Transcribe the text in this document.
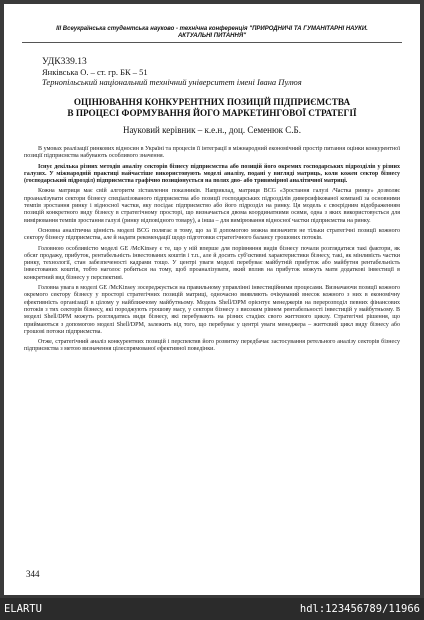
III Всеукраїнська студентська науково - технічна конференція "ПРИРОДНИЧІ ТА ГУМАНІТАРНІ НАУКИ.
АКТУАЛЬНІ ПИТАННЯ"
УДК339.13
Янківська О. – ст. гр. БК – 51
Тернопільський національний технічний університет імені Івана Пулюя
ОЦІНЮВАННЯ КОНКУРЕНТНИХ ПОЗИЦІЙ ПІДПРИЄМСТВА
В ПРОЦЕСІ ФОРМУВАННЯ ЙОГО МАРКЕТИНГОВОЇ СТРАТЕГІЇ
Науковий керівник – к.е.н., доц. Семенюк С.Б.

В умовах реалізації ринкових відносин в Україні та процесів її інтеграції в міжнародний економічний простір питання оцінки конкурентної позиції підприємства набувають особливого значення.

Існує декілька різних методів аналізу секторів бізнесу підприємства або позицій його окремих господарських підрозділів у різних галузях. У міжнародній практиці найчастіше використовують моделі аналізу, подані у вигляді матриць, коли кожен сектор бізнесу (господарський підрозділ) підприємства графічно позиціонується на полях дво- або тривимірної аналітичної матриці.

Кожна матриця має свій алгоритм зіставлення показників. Наприклад, матриця BCG «Зростання галузі /Частка ринку» дозволяє проаналізувати сектори бізнесу спеціалізованого підприємства або позиції господарських підрозділів диверсифікованої компанії за основними темпів зростання ринку і відносної частки, яку посідає підприємство або його підрозділ на ринку. Ця модель є своєрідним відображенням позицій конкретного виду бізнесу в стратегічному просторі, що визначається двома координатними осями, одна з яких використовується для вимірювання темпів зростання галузі (ринку відповідного товару), а інша – для вимірювання відносної частки підприємства на ринку.

Основна аналітична цінність моделі BCG полягає в тому, що за її допомогою можна визначити не тільки стратегічні позиції кожного сектору бізнесу підприємства, але й надати рекомендації щодо підготовки стратегічного балансу грошових потоків.

Головною особливістю моделі GE /McKinsey є те, що у ній вперше для порівняння видів бізнесу почали розглядатися такі фактори, як обсяг продажу, прибуток, рентабельність інвестованих коштів і т.п., але й досить суб'єктивні характеристики бізнесу, такі, як мінливість частки ринку, технології, стан забезпеченості кадрами тощо. У центрі уваги моделі перебуває майбутній прибуток або майбутня рентабельність інвестованих коштів, тобто наголос робиться на тому, щоб проаналізувати, який вплив на прибуток можуть мати додаткові інвестиції в конкретний вид бізнесу у перспективі.

Головна увага в моделі GE /McKinsey зосереджується на правильному управлінні інвестиційними процесами. Визначаючи позиції кожного окремого сектору бізнесу у просторі стратегічних позицій матриці, одночасно виявляють очікуваний внесок кожного з них в економічну ефективність організації в цілому у найближчому майбутньому. Модель Shell/DPM орієнтує менеджерів на перерозподіл певних фінансових потоків з тих секторів бізнесу, які породжують грошову масу, у сектори бізнесу з високим рівнем рентабельності інвестицій у майбутньому. В моделі Shell/DPM можуть розглядатись види бізнесу, які перебувають на різних стадіях свого життєвого циклу. Стратегічні рішення, що приймаються з допомогою моделі Shell/DPM, залежить від того, що перебуває у центрі уваги менеджера – життєвий цикл виду бізнесу або грошові потоки підприємства.

Отже, стратегічний аналіз конкурентних позицій і перспектив його розвитку передбачає застосування ретельного аналізу секторів бізнесу підприємства з метою визначення цілеспрямованої ефективної поведінки.

344
ELARTU	hdl:123456789/11966
